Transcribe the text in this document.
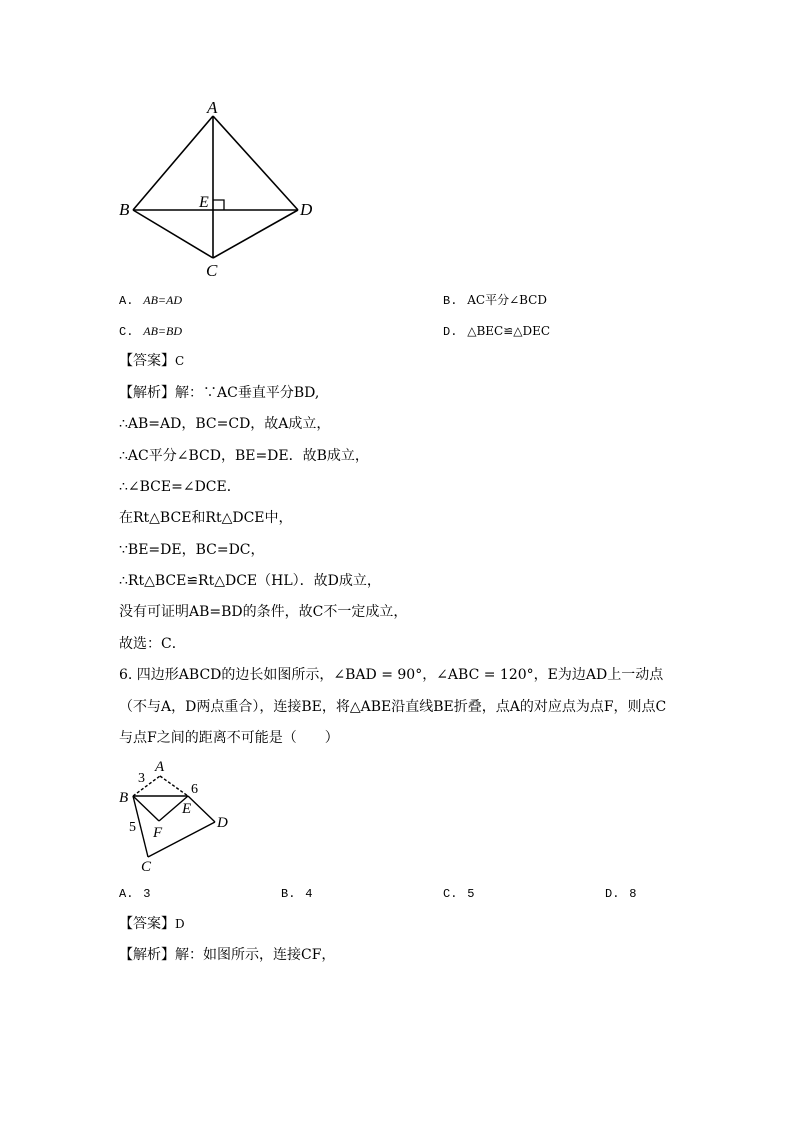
A
B	E	D
C
A. AB=AD	B. AC平分∠BCD
C. AB=BD	D. △BEC≌△DEC
【答案】C
【解析】解：∵AC垂直平分BD,
∴AB=AD，BC=CD，故A成立，
∴AC平分∠BCD，BE=DE．故B成立，
∴∠BCE=∠DCE．
在Rt△BCE和Rt△DCE中，
∵BE=DE，BC=DC，
∴Rt△BCE≌Rt△DCE（HL）．故D成立，
没有可证明AB=BD的条件，故C不一定成立，
故选：C．
6. 四边形ABCD的边长如图所示，∠BAD = 90°，∠ABC = 120°，E为边AD上一动点
（不与A，D两点重合），连接BE，将△ABE沿直线BE折叠，点A的对应点为点F，则点C
与点F之间的距离不可能是（　　）
A
3
B
6
E
5 F
D
C
A. 3	B. 4	C. 5	D. 8
【答案】D
【解析】解：如图所示，连接CF，
